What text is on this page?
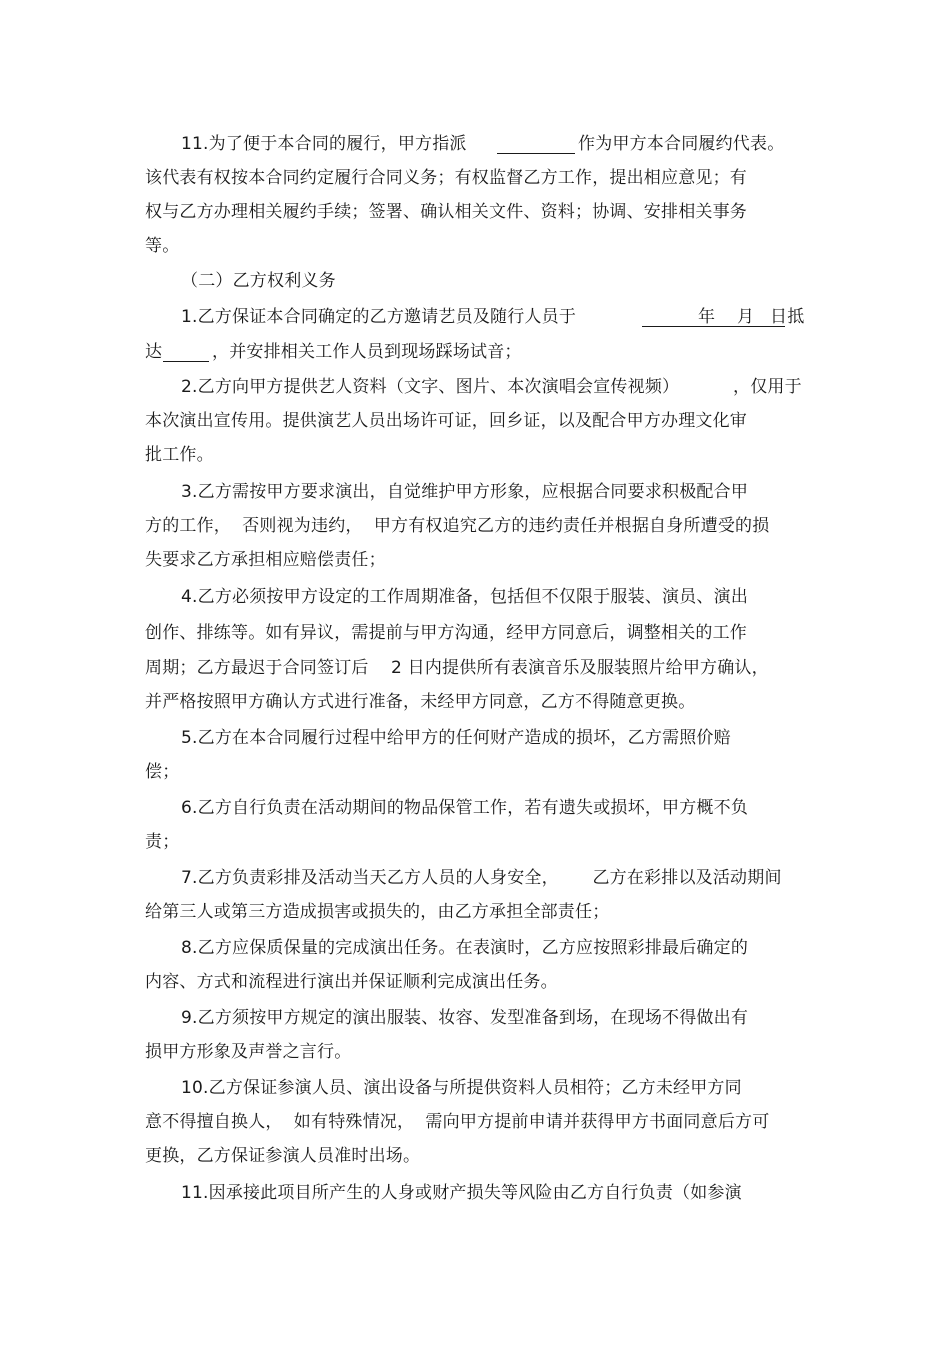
11.为了便于本合同的履行，甲方指派	作为甲方本合同履约代表。
该代表有权按本合同约定履行合同义务；有权监督乙方工作，提出相应意见；有
权与乙方办理相关履约手续；签署、确认相关文件、资料；协调、安排相关事务
等。
（二）乙方权利义务
1.乙方保证本合同确定的乙方邀请艺员及随行人员于	年 月 日抵
达	，并安排相关工作人员到现场踩场试音；
2.乙方向甲方提供艺人资料（文字、图片、本次演唱会宣传视频）	，仅用于
本次演出宣传用。提供演艺人员出场许可证，回乡证，以及配合甲方办理文化审
批工作。
3.乙方需按甲方要求演出，自觉维护甲方形象，应根据合同要求积极配合甲
方的工作，  否则视为违约，  甲方有权追究乙方的违约责任并根据自身所遭受的损
失要求乙方承担相应赔偿责任；
4.乙方必须按甲方设定的工作周期准备，包括但不仅限于服装、演员、演出
创作、排练等。如有异议，需提前与甲方沟通，经甲方同意后，调整相关的工作
周期；乙方最迟于合同签订后    2 日内提供所有表演音乐及服装照片给甲方确认，
并严格按照甲方确认方式进行准备，未经甲方同意，乙方不得随意更换。
5.乙方在本合同履行过程中给甲方的任何财产造成的损坏，乙方需照价赔
偿；
6.乙方自行负责在活动期间的物品保管工作，若有遗失或损坏，甲方概不负
责；
7.乙方负责彩排及活动当天乙方人员的人身安全，      乙方在彩排以及活动期间
给第三人或第三方造成损害或损失的，由乙方承担全部责任；
8.乙方应保质保量的完成演出任务。在表演时，乙方应按照彩排最后确定的
内容、方式和流程进行演出并保证顺利完成演出任务。
9.乙方须按甲方规定的演出服装、妆容、发型准备到场，在现场不得做出有
损甲方形象及声誉之言行。
10.乙方保证参演人员、演出设备与所提供资料人员相符；乙方未经甲方同
意不得擅自换人，  如有特殊情况，  需向甲方提前申请并获得甲方书面同意后方可
更换，乙方保证参演人员准时出场。
11.因承接此项目所产生的人身或财产损失等风险由乙方自行负责（如参演
